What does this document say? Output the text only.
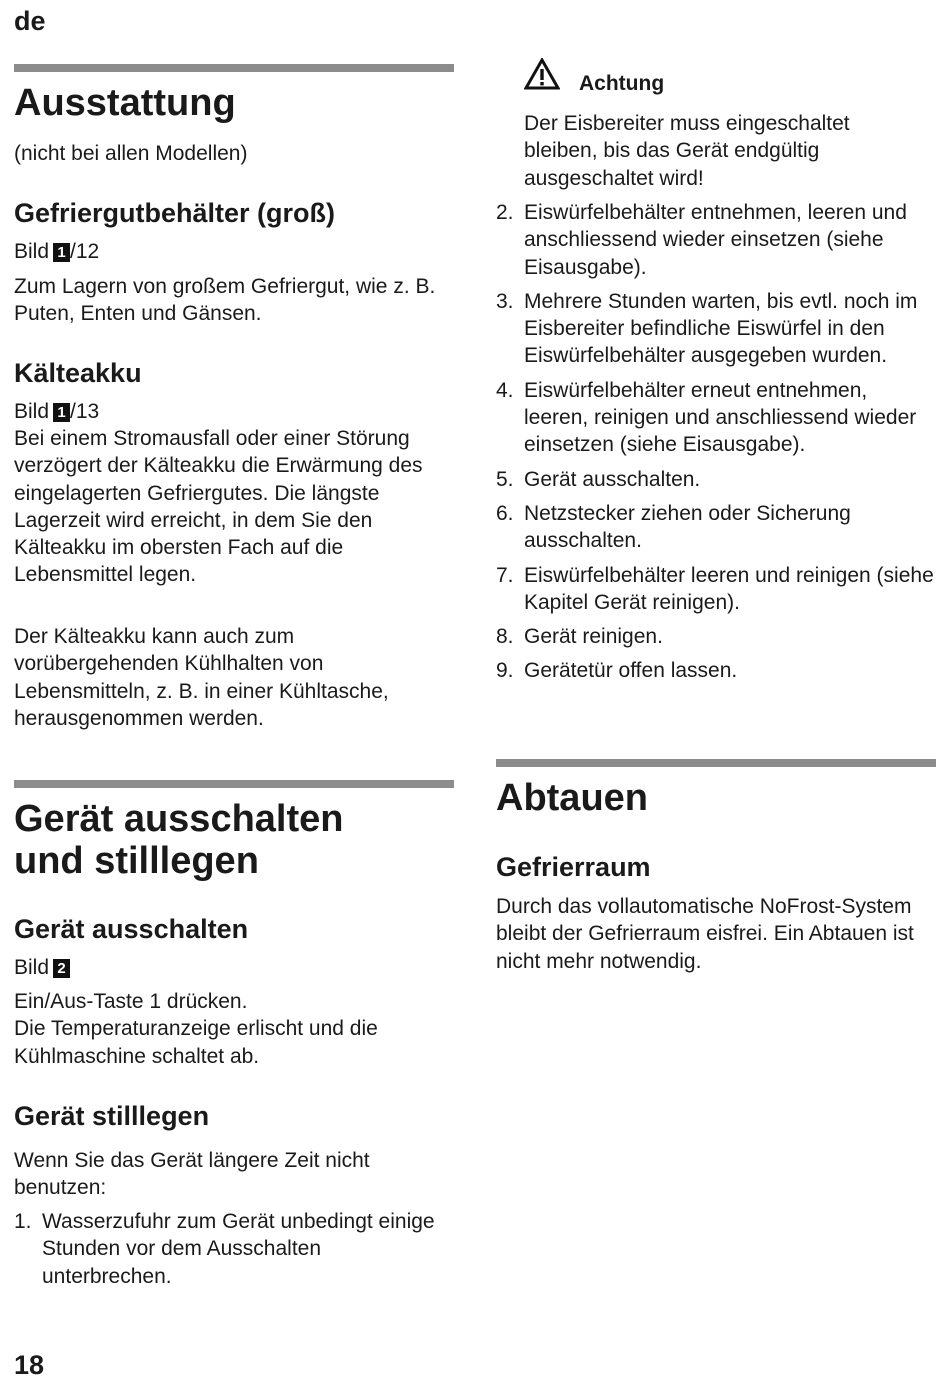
de
Ausstattung

(nicht bei allen Modellen)

Gefriergutbehälter (groß)

Bild 1 /12

Zum Lagern von großem Gefriergut, wie z. B. Puten, Enten und Gänsen.

Kälteakku

Bild 1 /13

Bei einem Stromausfall oder einer Störung verzögert der Kälteakku die Erwärmung des eingelagerten Gefriergutes. Die längste Lagerzeit wird erreicht, in dem Sie den Kälteakku im obersten Fach auf die Lebensmittel legen.

Der Kälteakku kann auch zum vorübergehenden Kühlhalten von Lebensmitteln, z. B. in einer Kühltasche, herausgenommen werden.

Gerät ausschalten
und stilllegen
Gerät ausschalten

Bild 2

Ein/Aus-Taste 1 drücken.
Die Temperaturanzeige erlischt und die Kühlmaschine schaltet ab.

Gerät stilllegen

Wenn Sie das Gerät längere Zeit nicht benutzen:

1. Wasserzufuhr zum Gerät unbedingt einige Stunden vor dem Ausschalten unterbrechen.
Achtung

Der Eisbereiter muss eingeschaltet bleiben, bis das Gerät endgültig ausgeschaltet wird!

2. Eiswürfelbehälter entnehmen, leeren und anschliessend wieder einsetzen (siehe Eisausgabe).
3. Mehrere Stunden warten, bis evtl. noch im Eisbereiter befindliche Eiswürfel in den Eiswürfelbehälter ausgegeben wurden.
4. Eiswürfelbehälter erneut entnehmen, leeren, reinigen und anschliessend wieder einsetzen (siehe Eisausgabe).
5. Gerät ausschalten.
6. Netzstecker ziehen oder Sicherung ausschalten.
7. Eiswürfelbehälter leeren und reinigen (siehe Kapitel Gerät reinigen).
8. Gerät reinigen.
9. Gerätetür offen lassen.
Abtauen
Gefrierraum

Durch das vollautomatische NoFrost-System bleibt der Gefrierraum eisfrei. Ein Abtauen ist nicht mehr notwendig.

18
